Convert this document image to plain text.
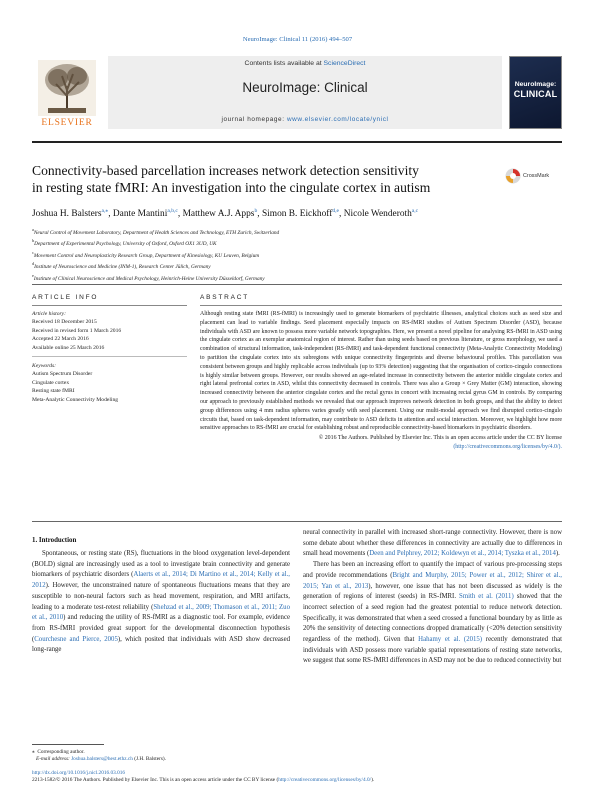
NeuroImage: Clinical 11 (2016) 494–507
ELSEVIER
Contents lists available at ScienceDirect
NeuroImage: Clinical
journal homepage: www.elsevier.com/locate/ynicl
NeuroImage:
CLINICAL
Connectivity-based parcellation increases network detection sensitivity
in resting state fMRI: An investigation into the cingulate cortex in autism
CrossMark
Joshua H. Balsters$^{a,⁎}$, Dante Mantini$^{a,b,c}$, Matthew A.J. Apps$^b$, Simon B. Eickhoff$^{d,e}$, Nicole Wenderoth$^{a,c}$
$^a$Neural Control of Movement Laboratory, Department of Health Sciences and Technology, ETH Zurich, Switzerland
$^b$Department of Experimental Psychology, University of Oxford, Oxford OX1 3UD, UK
$^c$Movement Control and Neuroplasticity Research Group, Department of Kinesiology, KU Leuven, Belgium
$^d$Institute of Neuroscience and Medicine (INM-1), Research Center Jülich, Germany
$^e$Institute of Clinical Neuroscience and Medical Psychology, Heinrich-Heine University Düsseldorf, Germany
ARTICLE INFO	ABSTRACT
Article history:
Received 18 December 2015
Received in revised form 1 March 2016
Accepted 22 March 2016
Available online 25 March 2016
Keywords:
Autism Spectrum Disorder
Cingulate cortex
Resting state fMRI
Meta-Analytic Connectivity Modeling
Although resting state fMRI (RS-fMRI) is increasingly used to generate biomarkers of psychiatric illnesses, analytical choices such as seed size and placement can lead to variable findings. Seed placement especially impacts on RS-fMRI studies of Autism Spectrum Disorder (ASD), because individuals with ASD are known to possess more variable network topographies. Here, we present a novel pipeline for analysing RS-fMRI in ASD using the cingulate cortex as an exemplar anatomical region of interest. Rather than using seeds based on previous literature, or gross morphology, we used a combination of structural information, task-independent (RS-fMRI) and task-dependent functional connectivity (Meta-Analytic Connectivity Modeling) to partition the cingulate cortex into six subregions with unique connectivity fingerprints and diverse behavioural profiles. This parcellation was consistent between groups and highly replicable across individuals (up to 93% detection) suggesting that the organisation of cortico-cingulo connections is highly similar between groups. However, our results showed an age-related increase in connectivity between the anterior middle cingulate cortex and right lateral prefrontal cortex in ASD, whilst this connectivity decreased in controls. There was also a Group × Grey Matter (GM) interaction, showing increased connectivity between the anterior cingulate cortex and the rectal gyrus in concert with increasing rectal gyrus GM in controls. By comparing our approach to previously established methods we revealed that our approach improves network detection in both groups, and that the ability to detect group differences using 4 mm radius spheres varies greatly with seed placement. Using our multi-modal approach we find disrupted cortico-cingulo circuits that, based on task-dependent information, may contribute to ASD deficits in attention and social interaction. Moreover, we highlight how more sensitive approaches to RS-fMRI are crucial for establishing robust and reproducible connectivity-based biomarkers in psychiatric disorders.
© 2016 The Authors. Published by Elsevier Inc. This is an open access article under the CC BY license
(http://creativecommons.org/licenses/by/4.0/).
1. Introduction

Spontaneous, or resting state (RS), fluctuations in the blood oxygenation level-dependent (BOLD) signal are increasingly used as a tool to investigate brain connectivity and generate biomarkers of psychiatric disorders (Alaerts et al., 2014; Di Martino et al., 2014; Kelly et al., 2012). However, the unconstrained nature of spontaneous fluctuations means that they are susceptible to non-neural factors such as head movement, respiration, and MRI artifacts, leading to a moderate test-retest reliability (Shehzad et al., 2009; Thomason et al., 2011; Zuo et al., 2010) and reducing the utility of RS-fMRI as a diagnostic tool. For example, evidence from RS-fMRI provided great support for the developmental disconnection hypothesis (Courchesne and Pierce, 2005), which posited that individuals with ASD show decreased long-range

neural connectivity in parallel with increased short-range connectivity. However, there is now some debate about whether these differences in connectivity are actually due to differences in small head movements (Deen and Pelphrey, 2012; Koldewyn et al., 2014; Tyszka et al., 2014).

There has been an increasing effort to quantify the impact of various pre-processing steps and provide recommendations (Bright and Murphy, 2015; Power et al., 2012; Shirer et al., 2015; Yan et al., 2013), however, one issue that has not been discussed as widely is the generation of regions of interest (seeds) in RS-fMRI. Smith et al. (2011) showed that the incorrect selection of a seed region had the greatest potential to reduce network detection. Specifically, it was demonstrated that when a seed crossed a functional boundary by as little as 20% the sensitivity of detecting connections dropped dramatically (<20% detection sensitivity regardless of the method). Given that Hahamy et al. (2015) recently demonstrated that individuals with ASD possess more variable spatial representations of resting state networks, we suggest that some RS-fMRI differences in ASD may not be due to reduced connectivity but

⁎ Corresponding author.
E-mail address: Joshua.balsters@hest.ethz.ch (J.H. Balsters).
http://dx.doi.org/10.1016/j.nicl.2016.03.016
2213-1582/© 2016 The Authors. Published by Elsevier Inc. This is an open access article under the CC BY license (http://creativecommons.org/licenses/by/4.0/).
